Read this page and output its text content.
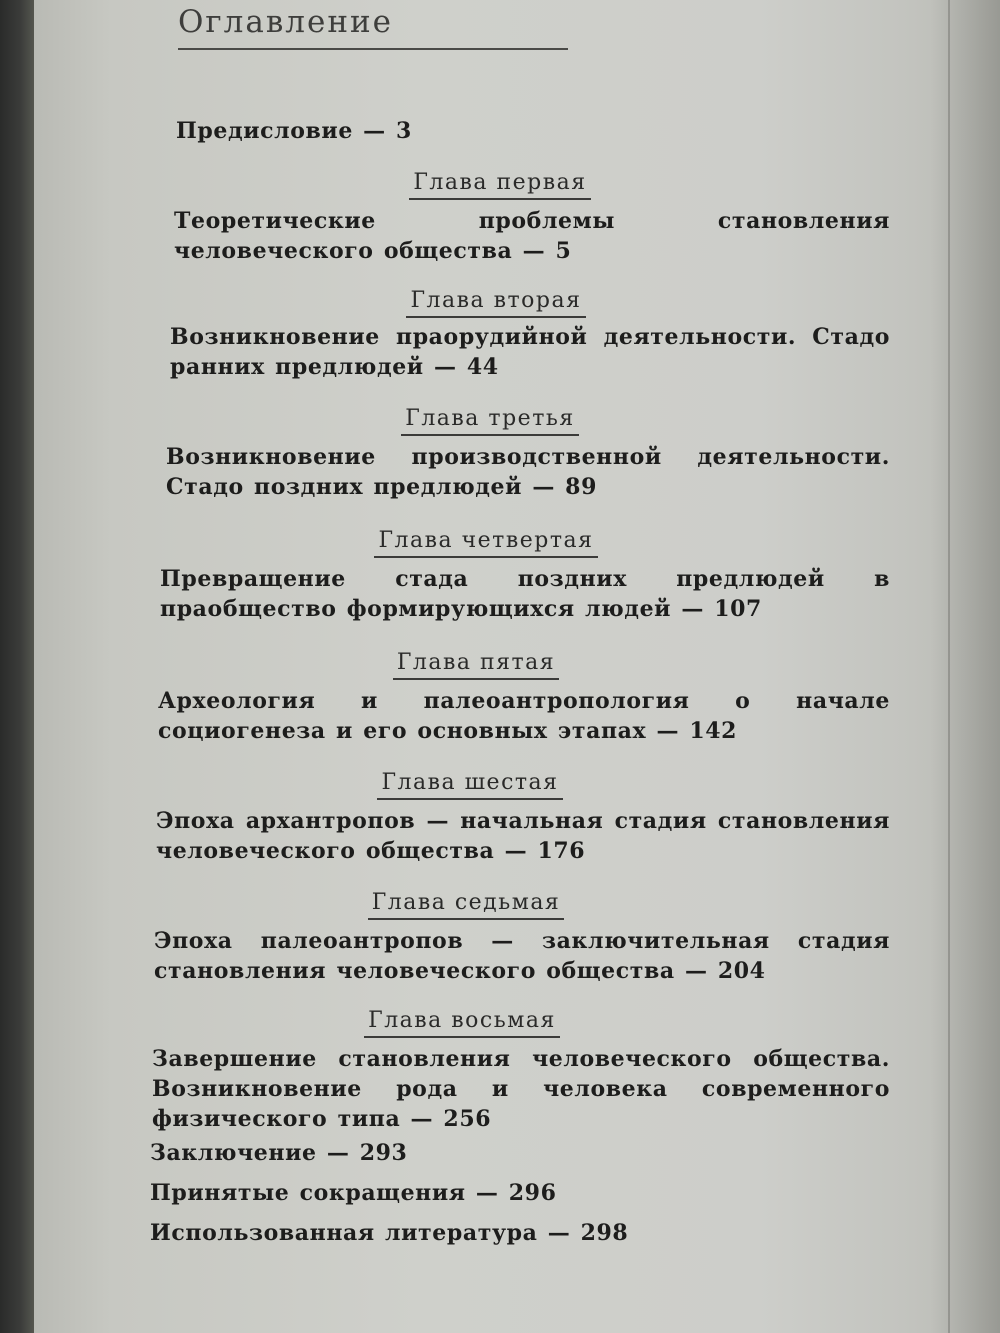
Оглавление
Предисловие — 3
Глава первая
Теоретические проблемы становления человеческого общества — 5
Глава вторая
Возникновение праорудийной деятельности. Стадо ранних предлюдей — 44
Глава третья
Возникновение производственной деятельности. Стадо поздних предлюдей — 89
Глава четвертая
Превращение стада поздних предлюдей в праобщество формирующихся людей — 107
Глава пятая
Археология и палеоантропология о начале социогенеза и его основных этапах — 142
Глава шестая
Эпоха архантропов — начальная стадия становления человеческого общества — 176
Глава седьмая
Эпоха палеоантропов — заключительная стадия становления человеческого общества — 204
Глава восьмая
Завершение становления человеческого общества. Возникновение рода и человека современного физического типа — 256
Заключение — 293
Принятые сокращения — 296
Использованная литература — 298
